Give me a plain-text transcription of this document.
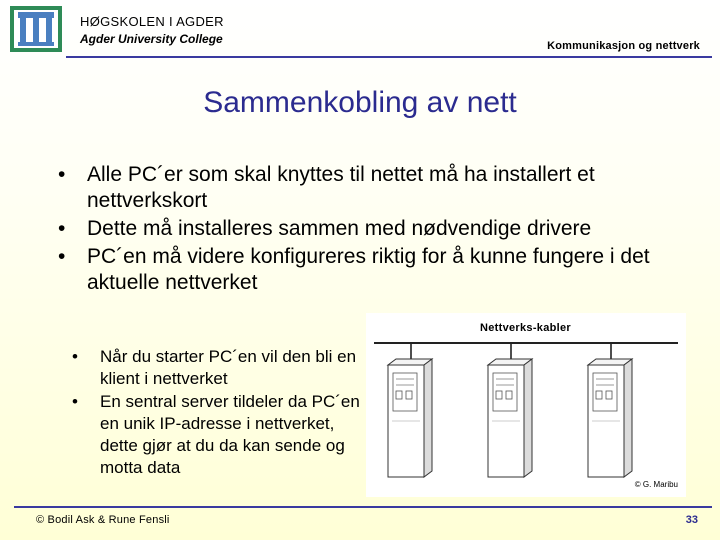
HØGSKOLEN I AGDER
Agder University College	Kommunikasjon og nettverk
Sammenkobling av nett
• Alle PC´er som skal knyttes til nettet må ha installert et nettverkskort
• Dette må installeres sammen med nødvendige drivere
• PC´en må videre konfigureres riktig for å kunne fungere i det aktuelle nettverket
• Når du starter PC´en vil den bli en klient i nettverket
• En sentral server tildeler da PC´en en unik IP-adresse i nettverket, dette gjør at du da kan sende og motta data
Nettverks-kabler
© G. Maribu
© Bodil Ask & Rune Fensli	33
